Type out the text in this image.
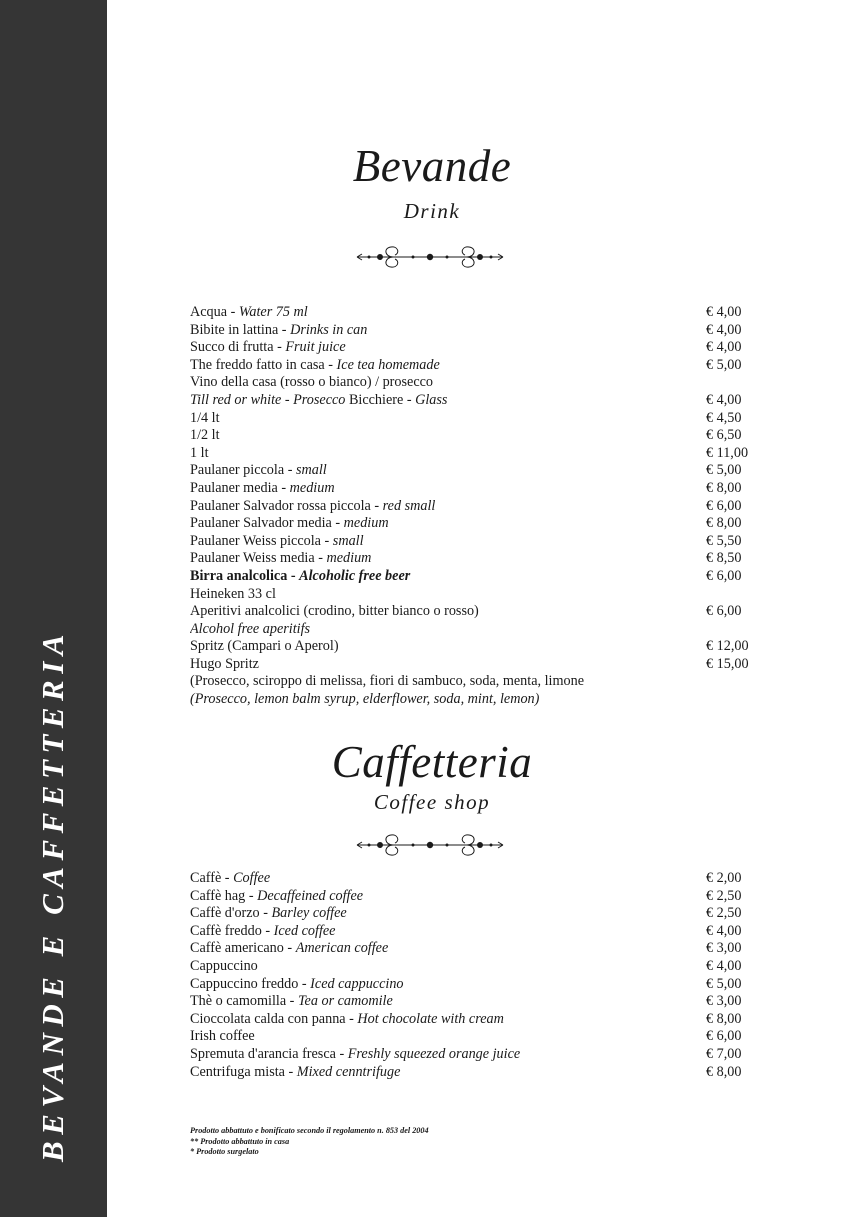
BEVANDE E CAFFETTERIA
Bevande
Drink
Acqua - Water 75 ml	€ 4,00
Bibite in lattina - Drinks in can	€ 4,00
Succo di frutta - Fruit juice	€ 4,00
The freddo fatto in casa - Ice tea homemade	€ 5,00
Vino della casa (rosso o bianco) / prosecco
Till red or white - Prosecco Bicchiere - Glass	€ 4,00
1/4 lt	€ 4,50
1/2 lt	€ 6,50
1 lt	€ 11,00
Paulaner piccola - small	€ 5,00
Paulaner media - medium	€ 8,00
Paulaner Salvador rossa piccola - red small	€ 6,00
Paulaner Salvador media - medium	€ 8,00
Paulaner Weiss piccola - small	€ 5,50
Paulaner Weiss media - medium	€ 8,50
Birra analcolica - Alcoholic free beer	€ 6,00
Heineken 33 cl
Aperitivi analcolici (crodino, bitter bianco o rosso)	€ 6,00
Alcohol free aperitifs
Spritz (Campari o Aperol)	€ 12,00
Hugo Spritz	€ 15,00
(Prosecco, sciroppo di melissa, fiori di sambuco, soda, menta, limone
(Prosecco, lemon balm syrup, elderflower, soda, mint, lemon)
Caffetteria
Coffee shop
Caffè - Coffee	€ 2,00
Caffè hag - Decaffeined coffee	€ 2,50
Caffè d'orzo - Barley coffee	€ 2,50
Caffè freddo - Iced coffee	€ 4,00
Caffè americano - American coffee	€ 3,00
Cappuccino	€ 4,00
Cappuccino freddo - Iced cappuccino	€ 5,00
Thè o camomilla - Tea or camomile	€ 3,00
Cioccolata calda con panna - Hot chocolate with cream	€ 8,00
Irish coffee	€ 6,00
Spremuta d'arancia fresca - Freshly squeezed orange juice	€ 7,00
Centrifuga mista - Mixed cenntrifuge	€ 8,00
Prodotto abbattuto e bonificato secondo il regolamento n. 853 del 2004
** Prodotto abbattuto in casa
* Prodotto surgelato
